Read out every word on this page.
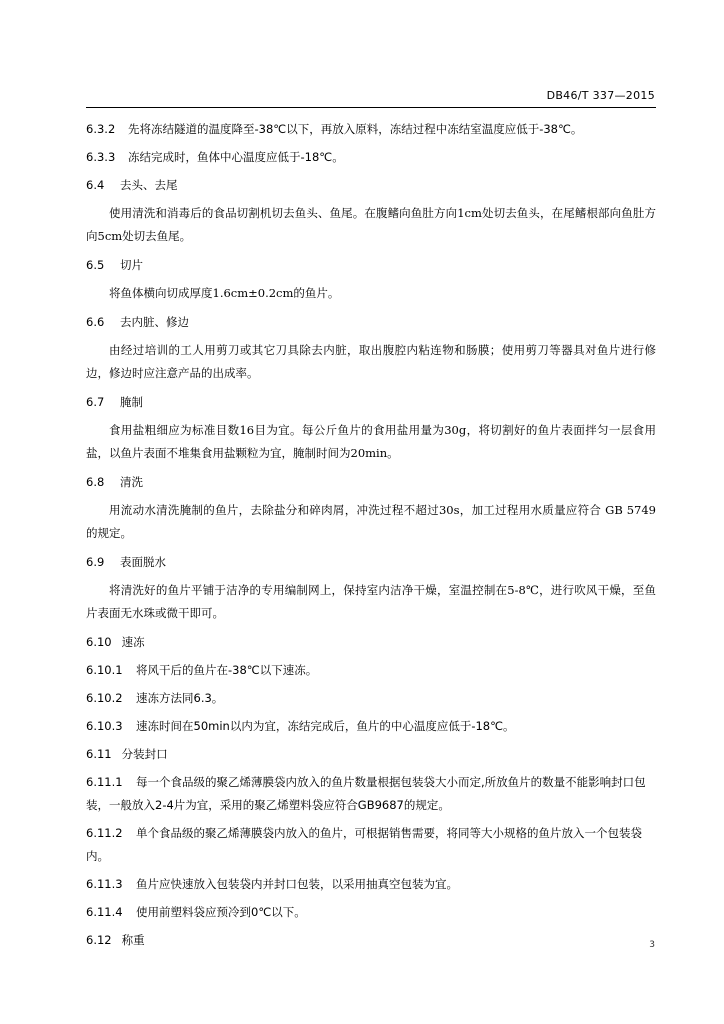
DB46/T 337—2015
6.3.2 先将冻结隧道的温度降至-38℃以下，再放入原料，冻结过程中冻结室温度应低于-38℃。
6.3.3 冻结完成时，鱼体中心温度应低于-18℃。
6.4 去头、去尾

使用清洗和消毒后的食品切割机切去鱼头、鱼尾。在腹鳍向鱼肚方向1cm处切去鱼头，在尾鳍根部向鱼肚方向5cm处切去鱼尾。

6.5 切片

将鱼体横向切成厚度1.6cm±0.2cm的鱼片。

6.6 去内脏、修边

由经过培训的工人用剪刀或其它刀具除去内脏，取出腹腔内粘连物和肠膜；使用剪刀等器具对鱼片进行修边，修边时应注意产品的出成率。

6.7 腌制

食用盐粗细应为标准目数16目为宜。每公斤鱼片的食用盐用量为30g，将切割好的鱼片表面拌匀一层食用盐，以鱼片表面不堆集食用盐颗粒为宜，腌制时间为20min。

6.8 清洗

用流动水清洗腌制的鱼片，去除盐分和碎肉屑，冲洗过程不超过30s，加工过程用水质量应符合 GB 5749 的规定。

6.9 表面脱水

将清洗好的鱼片平铺于洁净的专用编制网上，保持室内洁净干燥，室温控制在5-8℃，进行吹风干燥，至鱼片表面无水珠或微干即可。

6.10 速冻
6.10.1 将风干后的鱼片在-38℃以下速冻。
6.10.2 速冻方法同6.3。
6.10.3 速冻时间在50min以内为宜，冻结完成后，鱼片的中心温度应低于-18℃。
6.11 分装封口
6.11.1 每一个食品级的聚乙烯薄膜袋内放入的鱼片数量根据包装袋大小而定,所放鱼片的数量不能影响封口包装，一般放入2-4片为宜，采用的聚乙烯塑料袋应符合GB9687的规定。
6.11.2 单个食品级的聚乙烯薄膜袋内放入的鱼片，可根据销售需要，将同等大小规格的鱼片放入一个包装袋内。
6.11.3 鱼片应快速放入包装袋内并封口包装，以采用抽真空包装为宜。
6.11.4 使用前塑料袋应预冷到0℃以下。
6.12 称重	3
